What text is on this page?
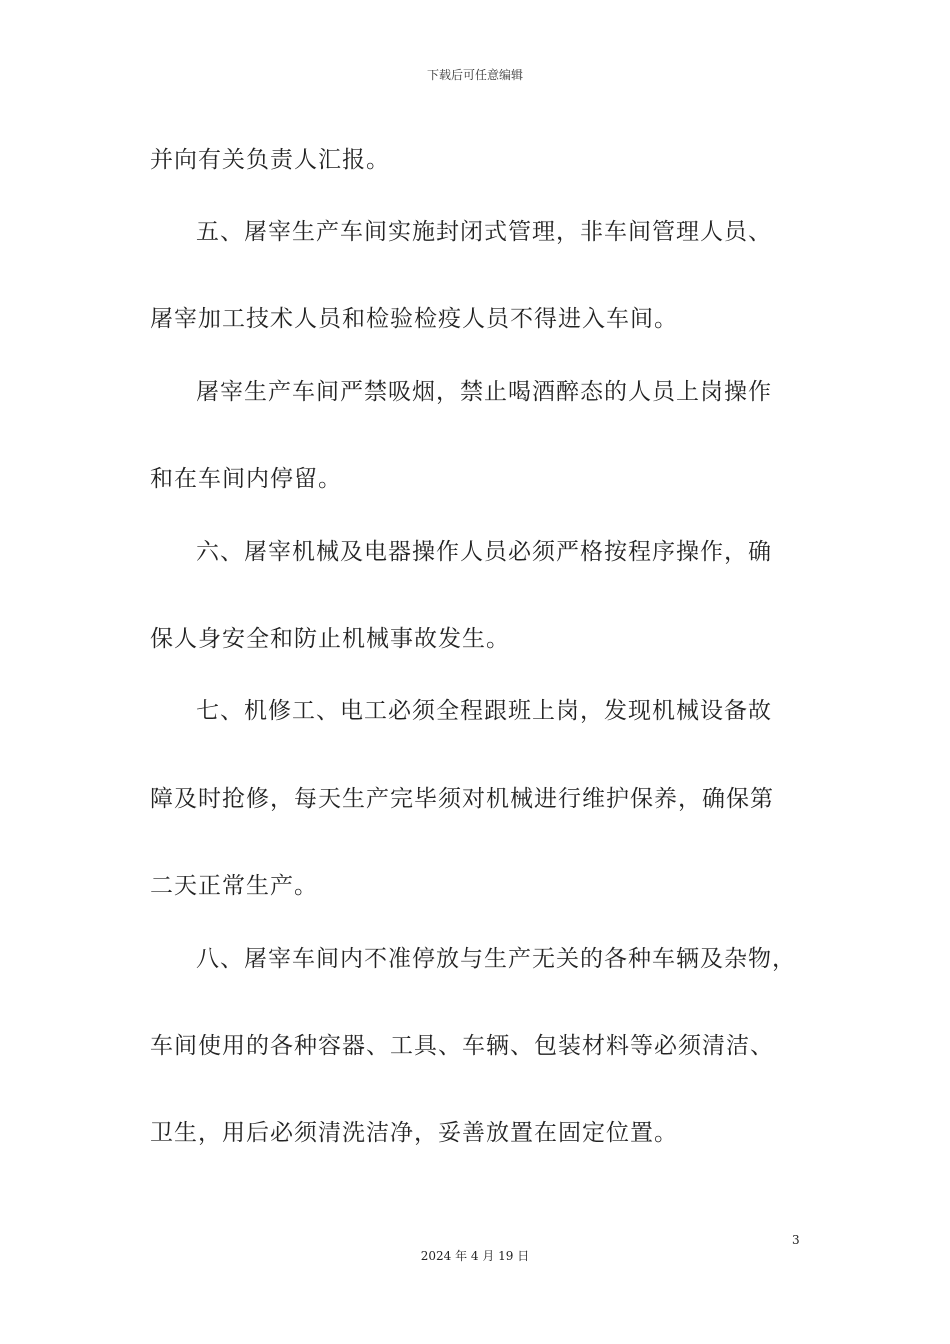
下载后可任意编辑
并向有关负责人汇报。
五、屠宰生产车间实施封闭式管理，非车间管理人员、
屠宰加工技术人员和检验检疫人员不得进入车间。
屠宰生产车间严禁吸烟，禁止喝酒醉态的人员上岗操作
和在车间内停留。
六、屠宰机械及电器操作人员必须严格按程序操作，确
保人身安全和防止机械事故发生。
七、机修工、电工必须全程跟班上岗，发现机械设备故
障及时抢修，每天生产完毕须对机械进行维护保养，确保第
二天正常生产。
八、屠宰车间内不准停放与生产无关的各种车辆及杂物，
车间使用的各种容器、工具、车辆、包装材料等必须清洁、
卫生，用后必须清洗洁净，妥善放置在固定位置。
3
2024 年 4 月 19 日
